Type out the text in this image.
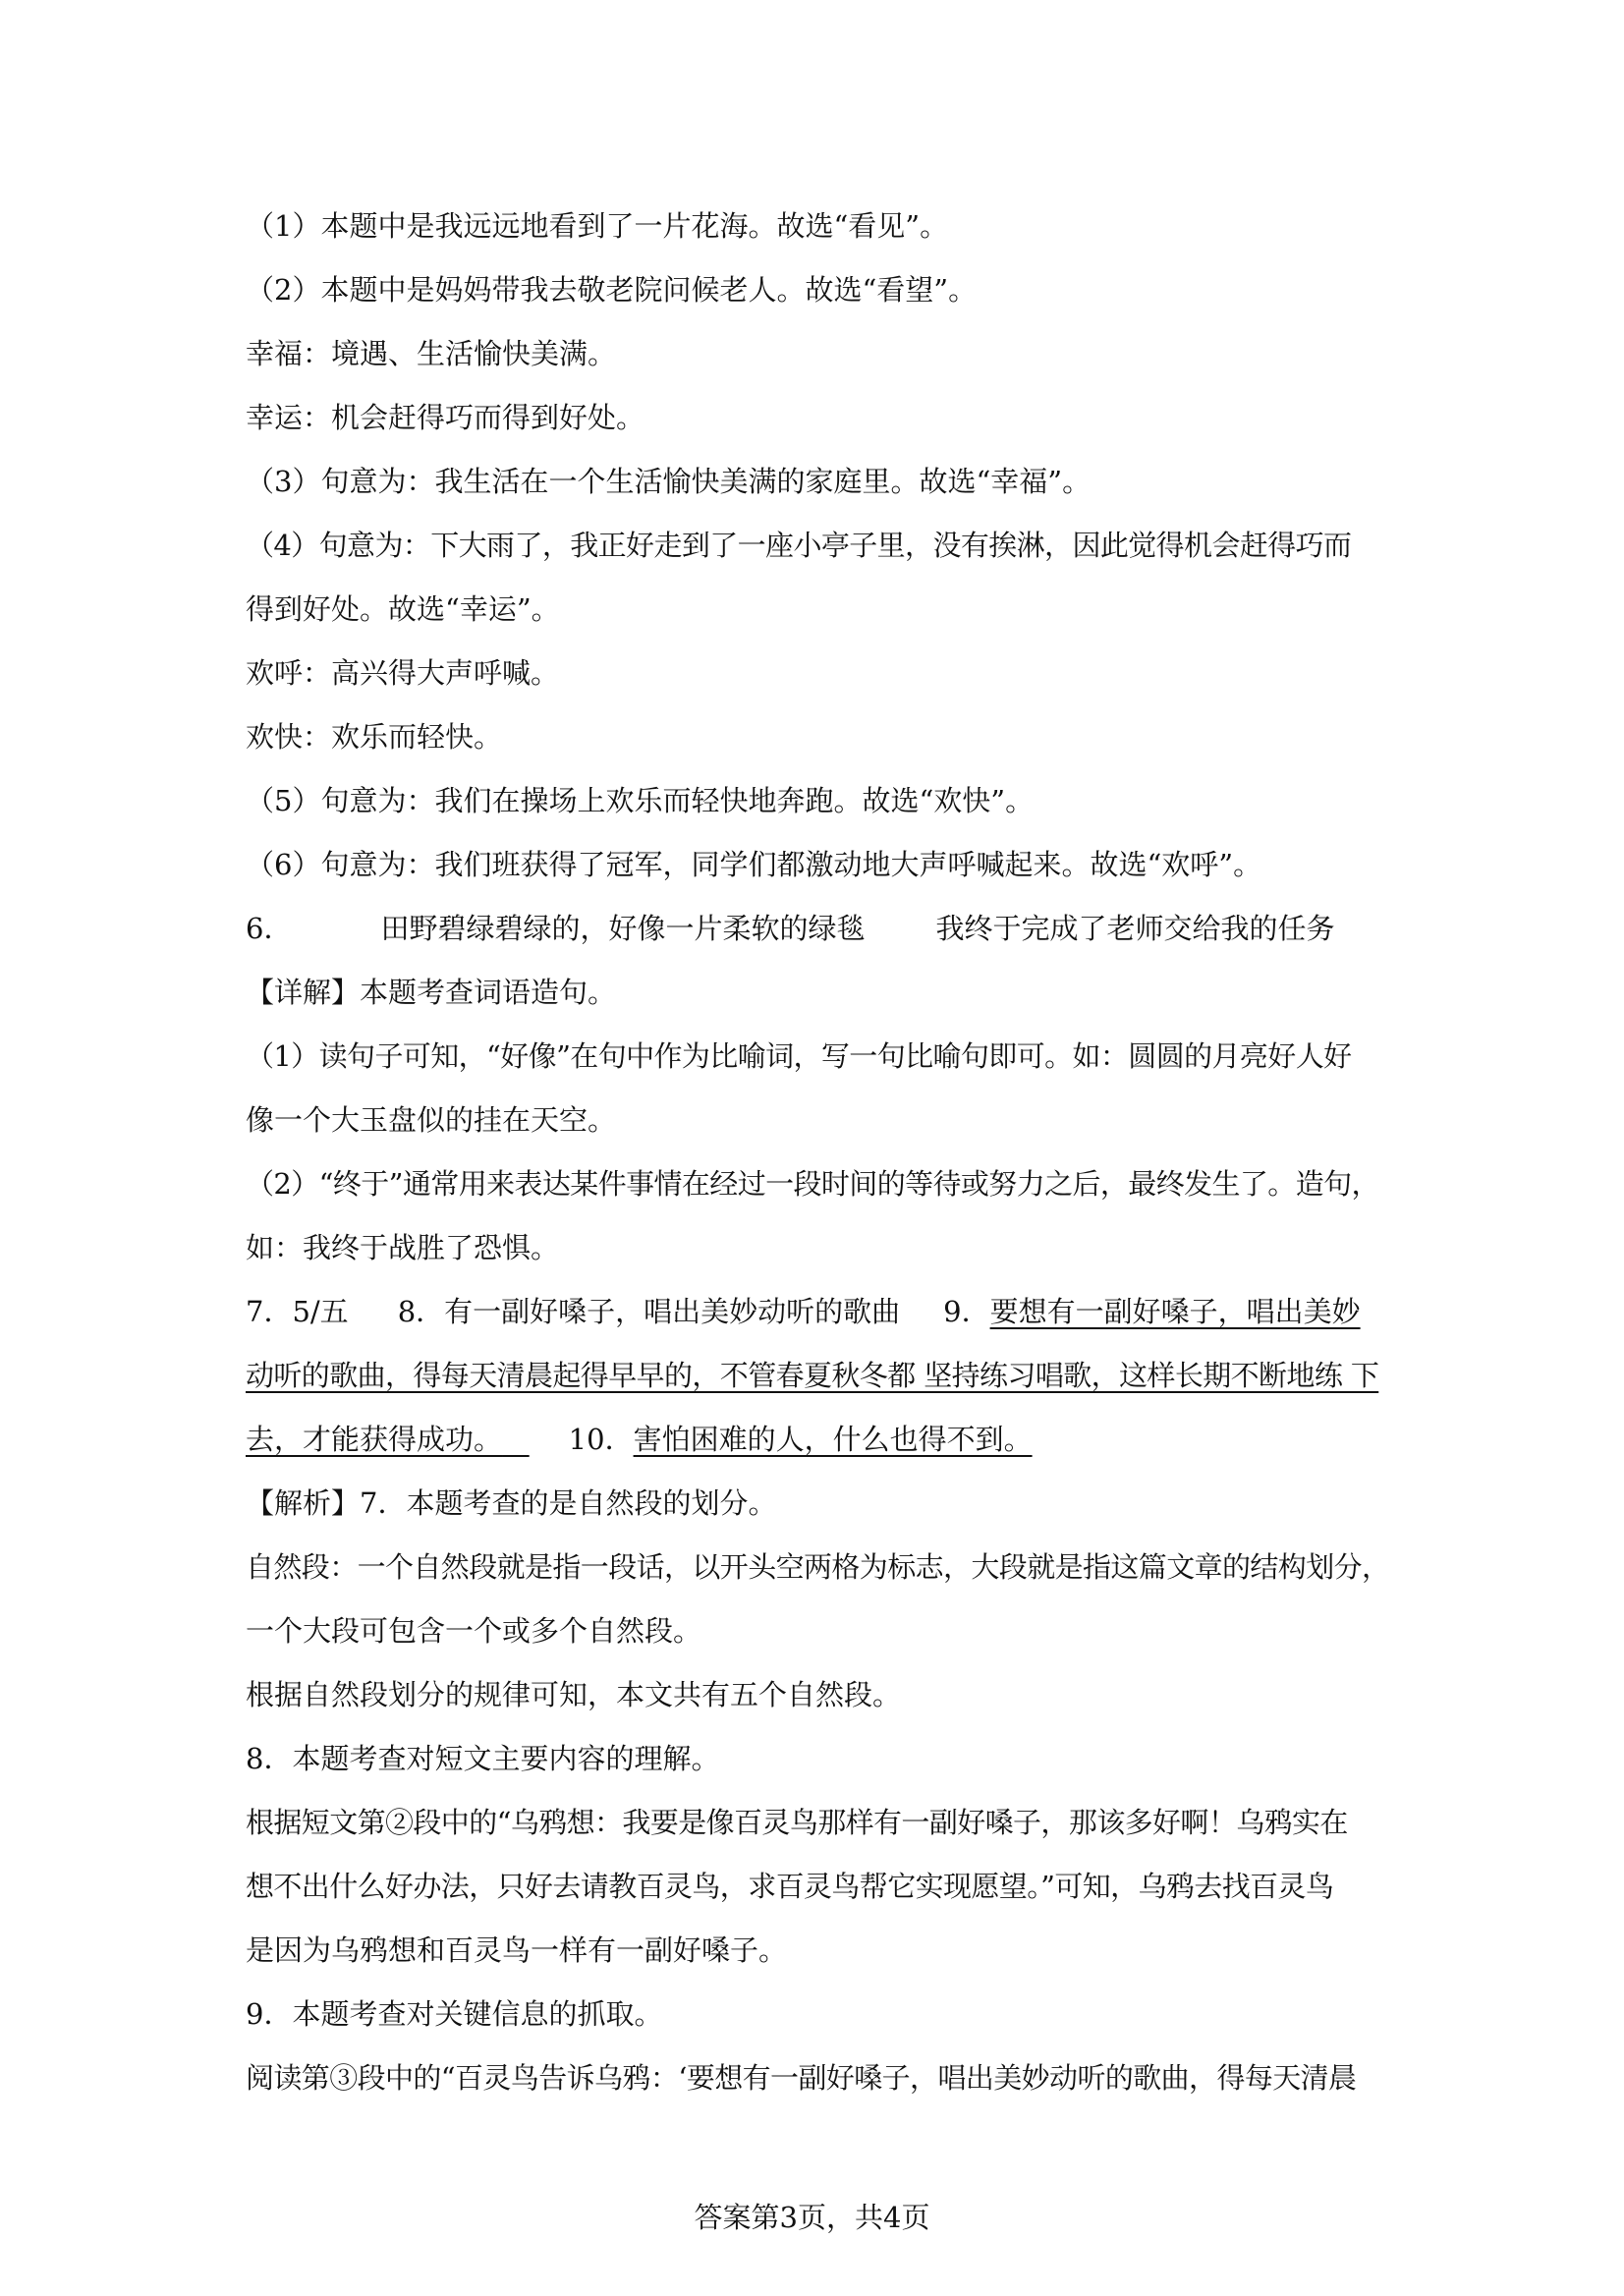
（1）本题中是我远远地看到了一片花海。故选“看见”。
（2）本题中是妈妈带我去敬老院问候老人。故选“看望”。
幸福：境遇、生活愉快美满。
幸运：机会赶得巧而得到好处。
（3）句意为：我生活在一个生活愉快美满的家庭里。故选“幸福”。
（4）句意为：下大雨了，我正好走到了一座小亭子里，没有挨淋，因此觉得机会赶得巧而
得到好处。故选“幸运”。
欢呼：高兴得大声呼喊。
欢快：欢乐而轻快。
（5）句意为：我们在操场上欢乐而轻快地奔跑。故选“欢快”。
（6）句意为：我们班获得了冠军，同学们都激动地大声呼喊起来。故选“欢呼”。
6．	田野碧绿碧绿的，好像一片柔软的绿毯 我终于完成了老师交给我的任务
【详解】本题考查词语造句。
（1）读句子可知，“好像”在句中作为比喻词，写一句比喻句即可。如：圆圆的月亮好人好
像一个大玉盘似的挂在天空。
（2）“终于”通常用来表达某件事情在经过一段时间的等待或努力之后，最终发生了。造句，
如：我终于战胜了恐惧。
7．5/五 8．有一副好嗓子，唱出美妙动听的歌曲 9．要想有一副好嗓子，唱出美妙
动听的歌曲，得每天清晨起得早早的，不管春夏秋冬都 坚持练习唱歌，这样长期不断地练 下
去，才能获得成功。 10．害怕困难的人，什么也得不到。
【解析】7．本题考查的是自然段的划分。
自然段：一个自然段就是指一段话，以开头空两格为标志，大段就是指这篇文章的结构划分，
一个大段可包含一个或多个自然段。
根据自然段划分的规律可知，本文共有五个自然段。
8．本题考查对短文主要内容的理解。
根据短文第②段中的“乌鸦想：我要是像百灵鸟那样有一副好嗓子，那该多好啊！乌鸦实在
想不出什么好办法，只好去请教百灵鸟，求百灵鸟帮它实现愿望。”可知，乌鸦去找百灵鸟
是因为乌鸦想和百灵鸟一样有一副好嗓子。
9．本题考查对关键信息的抓取。
阅读第③段中的“百灵鸟告诉乌鸦：‘要想有一副好嗓子，唱出美妙动听的歌曲，得每天清晨
答案第3页，共4页
